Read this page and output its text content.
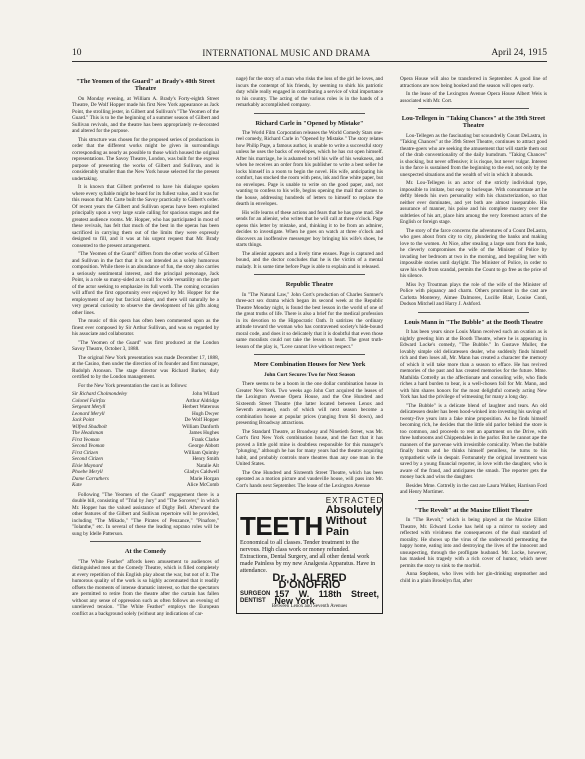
10	INTERNATIONAL MUSIC AND DRAMA	April 24, 1915
"The Yeomen of the Guard" at Brady's 48th Street Theatre

On Monday evening, at William A. Brady's Forty-eighth Street Theatre, De Wolf Hopper made his first New York appearance as Jack Point, the strolling jester, in Gilbert and Sullivan's "The Yeomen of the Guard." This is to be the beginning of a summer season of Gilbert and Sullivan revivals, and the theatre has been appropriately re-decorated and altered for the purpose.

This structure was chosen for the proposed series of productions in order that the different works might be given in surroundings corresponding as nearly as possible to those which housed the original representations. The Savoy Theatre, London, was built for the express purpose of presenting the works of Gilbert and Sullivan, and is considerably smaller than the New York house selected for the present undertaking.

It is known that Gilbert preferred to have his dialogue spoken where every syllable might be heard for its fullest value, and it was for this reason that Mr. Carte built the Savoy practically to Gilbert's order. Of recent years the Gilbert and Sullivan operas have been exploited principally upon a very large scale calling for spacious stages and the greatest audience rooms. Mr. Hopper, who has participated in most of these revivals, has felt that much of the best in the operas has been sacrificed in carrying them out of the limits they were expressly designed to fill, and it was at his urgent request that Mr. Brady consented to the present arrangement.

"The Yeomen of the Guard" differs from the other works of Gilbert and Sullivan in the fact that it is not intended as a solely humorous composition. While there is an abundance of fun, the story also carries a seriously sentimental interest, and the principal personage, Jack Point, is a role so many-sided as to call for wide versatility on the part of the actor seeking to emphasize its full worth. The coming occasion will afford the first opportunity ever enjoyed by Mr. Hopper for the employment of any but farcical talent, and there will naturally be a very general curiosity to observe the development of his gifts along other lines.

The music of this opera has often been commented upon as the finest ever composed by Sir Arthur Sullivan, and was so regarded by his associate and collaborator.

"The Yeomen of the Guard" was first produced at the London Savoy Theatre, October 3, 1888.

The original New York presentation was made December 17, 1888, at the Casino, then under the direction of its founder and first manager, Rudolph Aronson. The stage director was Richard Barker, duly certified to by the London management.

For the New York presentation the cast is as follows:

Sir Richard Cholmondeley	John Willard
Colonel Fairfax	Arthur Aldridge
Sergeant Meryll	Herbert Waterous
Leonard Meryll	Hugh Dwyer
Jack Point	De Wolf Hopper
Wilfred Shadbolt	William Danforth
The Headsman	James Hughes
First Yeoman	Frank Clarke
Second Yeoman	George Abbott
First Citizen	William Quimby
Second Citizen	Henry Smith
Elsie Maynard	Natalie Alt
Phoebe Meryll	Gladys Caldwell
Dame Carruthers	Marie Horgan
Kate	Alice McComb

Following "The Yeomen of the Guard" engagement there is a double bill, consisting of "Trial by Jury" and "The Sorcerer," in which Mr. Hopper has the valued assistance of Digby Bell. Afterward the other features of the Gilbert and Sullivan repertoire will be provided, including "The Mikado," "The Pirates of Penzance," "Pinafore," "Iolanthe," etc. In several of these the leading soprano roles will be sung by Idelle Patterson.

At the Comedy

"The White Feather" affords keen amusement to audiences of distinguished men at the Comedy Theatre, which is filled completely at every repetition of this English play about the war, but not of it. The humorous quality of the work is so highly accentuated that it readily offsets the moments of intense dramatic interest, so that the spectators are permitted to retire from the theatre after the curtain has fallen without any sense of oppression such as often follows an evening of unrelieved tension. "The White Feather" employs the European conflict as a background solely (without any indications of car-

nage) for the story of a man who risks the loss of the girl he loves, and incurs the contempt of his friends, by seeming to shirk his patriotic duty while really engaged in contributing a service of vital importance to his country. The acting of the various roles is in the hands of a remarkably accomplished company.

Richard Carle in "Opened by Mistake"

The World Film Corporation releases the World Comedy Stars one-reel comedy, Richard Carle in "Opened by Mistake." The story relates how Philip Page, a famous author, is unable to write a successful story unless he uses the backs of envelopes, which he has cut open himself. After his marriage, he is ashamed to tell his wife of his weakness, and when he receives an order from his publisher to write a best seller he locks himself in a room to begin the novel. His wife, anticipating his comfort, has stocked the room with pens, ink and fine white paper, but no envelopes. Page is unable to write on the good paper, and, not wanting to confess to his wife, begins opening the mail that comes to the house, addressing hundreds of letters to himself to replace the dearth in envelopes.

His wife learns of these actions and fears that he has gone mad. She sends for an alienist, who writes that he will call at three o'clock. Page opens this letter by mistake, and, thinking it to be from an admirer, decides to investigate. When he goes on watch at three o'clock and discovers an inoffensive messenger boy bringing his wife's shoes, he starts things.

The alienist appears and a lively time ensues. Page is captured and bound, and the doctor concludes that he is the victim of a mental malady. It is some time before Page is able to explain and is released.

Republic Theatre

In "The Natural Law," John Cort's production of Charles Sumner's three-act sex drama which began its second week at the Republic Theatre Monday night, is found the best lesson in the world of one of the great truths of life. There is also a brief for the medical profession in its devotion to the Hippocratic Oath. It satirizes the ordinary attitude toward the woman who has contravened society's hide-bound moral code, and does it so delicately that it is doubtful that even those same moralists could not take the lesson to heart. The great truth-lesson of the play is, "Love cannot live without respect."

More Combination Houses for New York
John Cort Secures Two for Next Season

There seems to be a boom in the one dollar combination house in Greater New York. Two weeks ago John Cort acquired the leases of the Lexington Avenue Opera House, and the One Hundred and Sixteenth Street Theatre (the latter located between Lenox and Seventh avenues), each of which will next season become a combination house at popular prices (ranging from $1 down), and presenting Broadway attractions.

The Standard Theatre, at Broadway and Ninetieth Street, was Mr. Cort's first New York combination house, and the fact that it has proved a little gold mine is doubtless responsible for this manager's "plunging," although he has for many years had the theatre acquiring habit, and probably controls more theatres than any one man in the United States.

The One Hundred and Sixteenth Street Theatre, which has been operated as a motion picture and vaudeville house, will pass into Mr. Cort's hands next September. The lease of the Lexington Avenue

TEETH
EXTRACTED
Absolutely
Without Pain
Economical to all classes. Tender treatment to the nervous. High class work or money refunded. Extractions, Dental Surgery, and all other dental work made Painless by my new Analgesia Apparatus. Have in attendance.
Dr. J. ALFRED D'ONOFRIO
SURGEON
DENTIST
157 W. 118th Street, New York
Between Lenox and Seventh Avenues

Opera House will also be transferred in September. A good line of attractions are now being booked and the season will open early.

In the lease of the Lexington Avenue Opera House Albert Weis is associated with Mr. Cort.

Lou-Tellegen in "Taking Chances" at the 39th Street Theatre

Lou-Tellegen as the fascinating but scoundrelly Count DeLastra, in "Taking Chances" at the 39th Street Theatre, continues to attract good theatre-goers who are seeking the amusement that will startle them out of the drab conventionality of the daily humdrum. "Taking Chances" is shocking, but never offensive; it is risque, but never vulgar. Interest in the farce is sustained from the beginning to the end, not only by the unexpected situations and the wealth of wit in which it abounds.

Mr. Lou-Tellegen is an actor of the strictly individual type, impossible to imitate, but easy to burlesque. With consummate art he deftly blends his own personality with his characterization, so that neither ever dominates, and yet both are almost inseparable. His assurance of manner, his poise and his complete mastery over the subtleties of his art, place him among the very foremost actors of the English or foreign stage.

The story of the farce concerns the adventures of a Count DeLastra, who goes about from city to city, plundering the banks and making love to the women. At Nice, after stealing a large sum from the bank, he cleverly compromises the wife of the Minister of Police by invading her bedroom at two in the morning, and beguiling her with impossible stories until daylight. The Minister of Police, in order to save his wife from scandal, permits the Count to go free as the price of his silence.

Miss Ivy Troutman plays the role of the wife of the Minister of Police with piquancy and charm. Others prominent in the cast are Carlotta Monterey, Aimee Dalmores, Lucille Blair, Louise Conti, Dodson Mitchell and Harry J. Ashford.

Louis Mann in "The Bubble" at the Booth Theatre

It has been years since Louis Mann received such an ovation as is nightly greeting him at the Booth Theatre, where he is appearing in Edward Locke's comedy, "The Bubble." In Gustave Muller, the lovably simple old delicatessen dealer, who suddenly finds himself rich and then loses all, Mr. Mann has created a character the memory of which it will take more than a season to efface. He has revived memories of the past and has created memories for the future. Mme. Mathilda Cottrelly as the affectionate and consoling wife, who finds riches a hard burden to bear, is a well-chosen foil for Mr. Mann, and with him shares honors for the most delightful comedy acting New York has had the privilege of witnessing for many a long day.

"The Bubble" is a delicate blend of laughter and tears. An old delicatessen dealer has been hood-winked into investing his savings of twenty-five years into a fake mine proposition. As he finds himself becoming rich, he decides that the little old parlor behind the store is too common, and proceeds to rent an apartment on the Drive, with three bathrooms and Chippendales in the parlor. But he cannot ape the manners of the parvenue with irresistible comicality. When the bubble finally bursts and he thinks himself penniless, he turns to his sympathetic wife in despair. Fortunately the original investment was saved by a young financial reporter, in love with the daughter, who is aware of the fraud, and anticipates the smash. The reporter gets the money back and wins the daughter.

Besides Mme. Cottrelly in the cast are Laura Walker, Harrison Ford and Henry Mortimer.

"The Revolt" at the Maxine Elliott Theatre

In "The Revolt," which is being played at the Maxine Elliott Theatre, Mr. Edward Locke has held up a mirror to society and reflected with vividness the consequences of the dual standard of morality. He shows up the virus of the underworld permeating the happy home, eating into and destroying the lives of the innocent and unsuspecting, through the profligate husband. Mr. Locke, however, has masked his tragedy with a rich cover of humor, which never permits the story to sink to the morbid.

Anna Stephens, who lives with her gin-drinking stepmother and child in a plain Brooklyn flat, after
